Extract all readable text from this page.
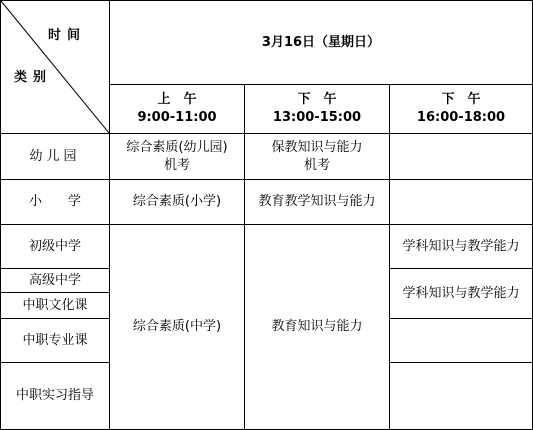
时间
类别
3月16日（星期日）
上　午
9:00-11:00
下　午
13:00-15:00
下　午
16:00-18:00
幼儿园
小　　学
初级中学
高级中学
中职文化课
中职专业课
中职实习指导
综合素质(幼儿园)
机考
保教知识与能力
机考
综合素质(小学)	教育教学知识与能力
综合素质(中学)	教育知识与能力
学科知识与教学能力
学科知识与教学能力
